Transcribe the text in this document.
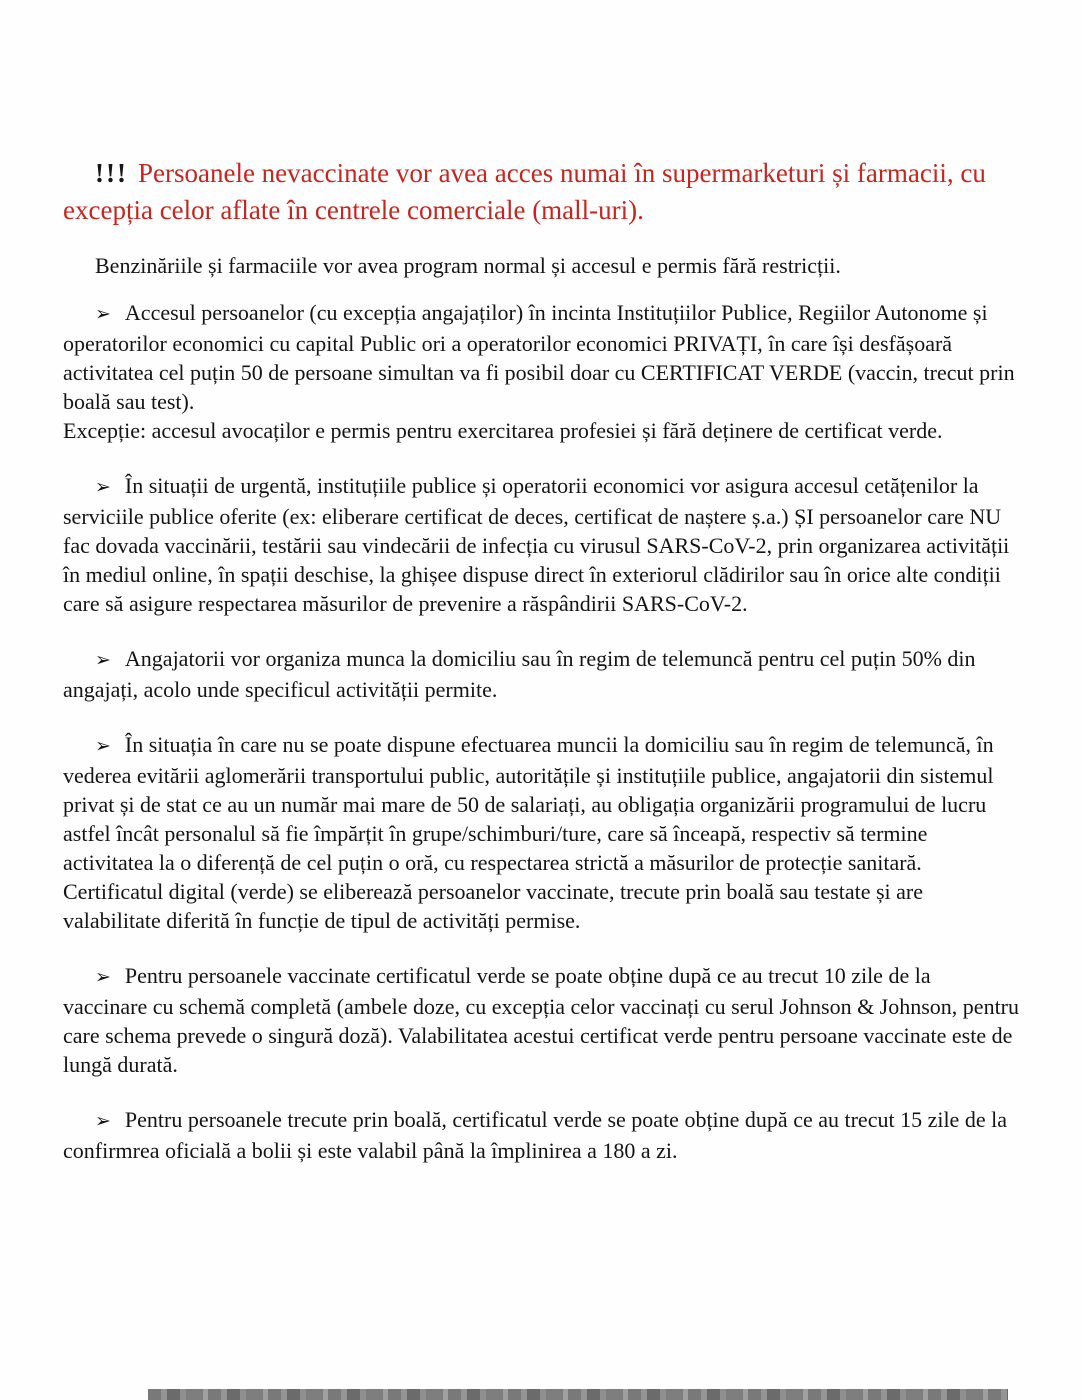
!!! Persoanele nevaccinate vor avea acces numai în supermarketuri și farmacii, cu excepția celor aflate în centrele comerciale (mall-uri).

Benzinăriile și farmaciile vor avea program normal și accesul e permis fără restricții.

➢ Accesul persoanelor (cu excepția angajaților) în incinta Instituțiilor Publice, Regiilor Autonome și operatorilor economici cu capital Public ori a operatorilor economici PRIVAȚI, în care își desfășoară activitatea cel puțin 50 de persoane simultan va fi posibil doar cu CERTIFICAT VERDE (vaccin, trecut prin boală sau test).

Excepție: accesul avocaților e permis pentru exercitarea profesiei și fără deținere de certificat verde.

➢ În situații de urgentă, instituțiile publice și operatorii economici vor asigura accesul cetățenilor la serviciile publice oferite (ex: eliberare certificat de deces, certificat de naștere ș.a.) ȘI persoanelor care NU fac dovada vaccinării, testării sau vindecării de infecția cu virusul SARS-CoV-2, prin organizarea activității în mediul online, în spații deschise, la ghișee dispuse direct în exteriorul clădirilor sau în orice alte condiții care să asigure respectarea măsurilor de prevenire a răspândirii SARS-CoV-2.

➢ Angajatorii vor organiza munca la domiciliu sau în regim de telemuncă pentru cel puțin 50% din angajați, acolo unde specificul activității permite.

➢ În situația în care nu se poate dispune efectuarea muncii la domiciliu sau în regim de telemuncă, în vederea evitării aglomerării transportului public, autoritățile și instituțiile publice, angajatorii din sistemul privat și de stat ce au un număr mai mare de 50 de salariați, au obligația organizării programului de lucru astfel încât personalul să fie împărțit în grupe/schimburi/ture, care să înceapă, respectiv să termine activitatea la o diferență de cel puțin o oră, cu respectarea strictă a măsurilor de protecție sanitară.

Certificatul digital (verde) se eliberează persoanelor vaccinate, trecute prin boală sau testate și are valabilitate diferită în funcție de tipul de activități permise.

➢ Pentru persoanele vaccinate certificatul verde se poate obține după ce au trecut 10 zile de la vaccinare cu schemă completă (ambele doze, cu excepția celor vaccinați cu serul Johnson & Johnson, pentru care schema prevede o singură doză). Valabilitatea acestui certificat verde pentru persoane vaccinate este de lungă durată.

➢ Pentru persoanele trecute prin boală, certificatul verde se poate obține după ce au trecut 15 zile de la confirmrea oficială a bolii și este valabil până la împlinirea a 180 a zi.
